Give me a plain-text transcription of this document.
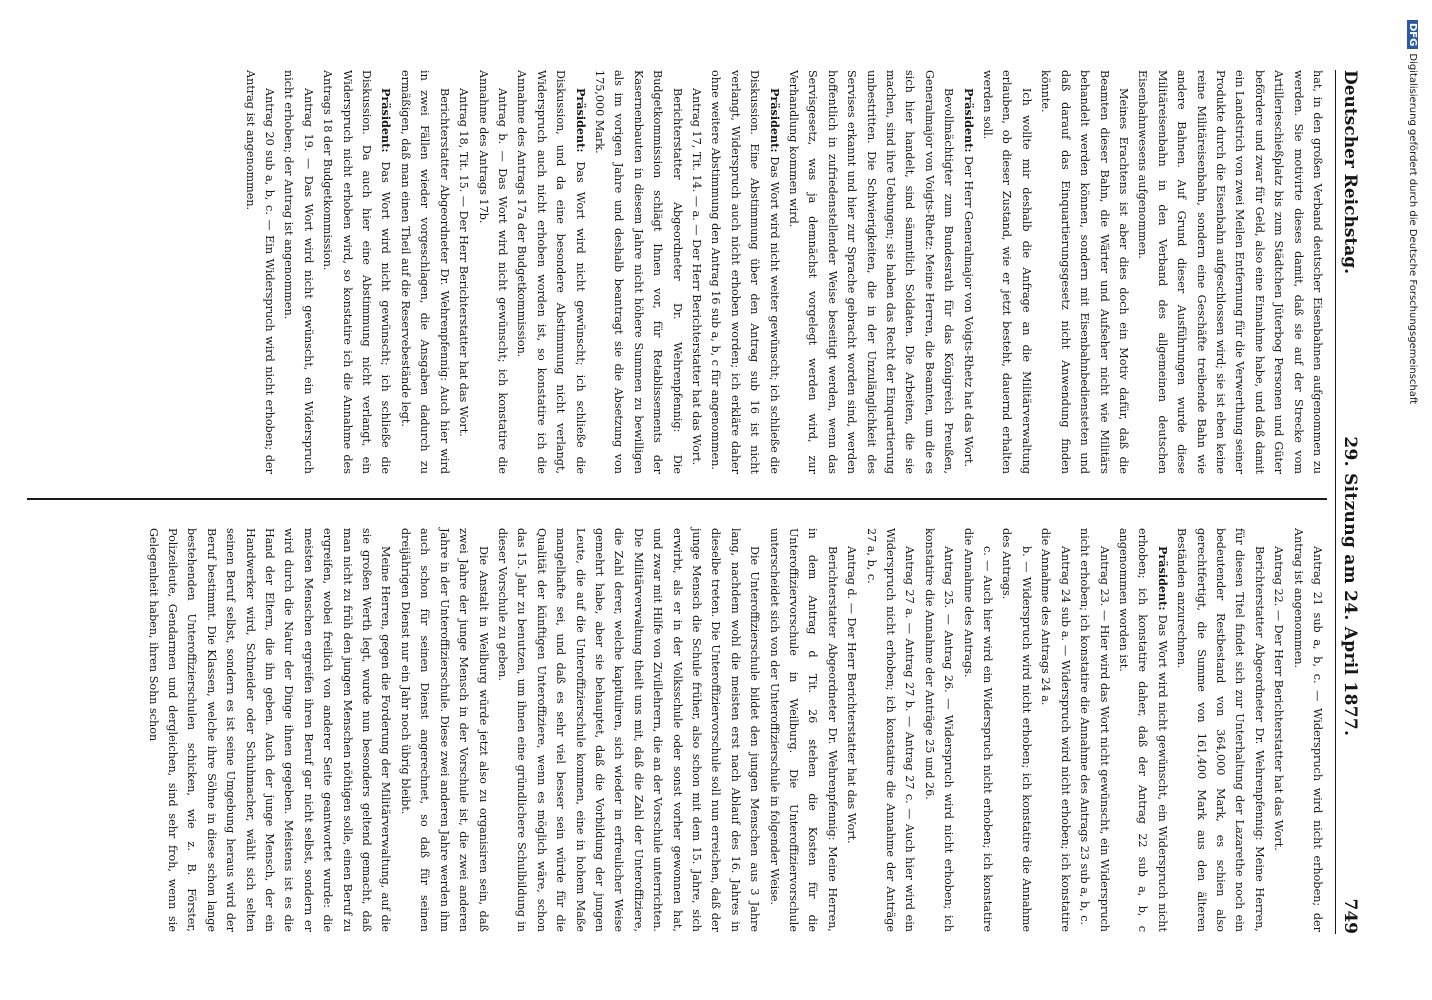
Deutscher Reichstag.
29. Sitzung am 24. April 1877.
749

hat, in den großen Verband deutscher Eisenbahnen aufgenommen zu werden. Sie motivirte dieses damit, daß sie auf der Strecke vom Artillerieschießplatz bis zum Städtchen Jüterbog Personen und Güter befördere und zwar für Geld, also eine Einnahme habe, und daß damit ein Landstrich von zwei Meilen Entfernung für die Verwerthung seiner Produkte durch die Eisenbahn aufgeschlossen wird; sie ist eben keine reine Militäreisenbahn, sondern eine Geschäfte treibende Bahn wie andere Bahnen. Auf Grund dieser Ausführungen wurde diese Militäreisenbahn in den Verband des allgemeinen deutschen Eisenbahnwesens aufgenommen.

Meines Erachtens ist aber dies doch ein Motiv dafür, daß die Beamten dieser Bahn, die Wärter und Aufseher nicht wie Militärs behandelt werden können, sondern mit Eisenbahnbediensteten und daß darauf das Einquartierungsgesetz nicht Anwendung finden könnte.

Ich wollte mir deshalb die Anfrage an die Militärverwaltung erlauben, ob dieser Zustand, wie er jetzt besteht, dauernd erhalten werden soll.

Präsident: Der Herr Generalmajor von Voigts-Rhetz hat das Wort.

Bevollmächtigter zum Bundesrath für das Königreich Preußen, Generalmajor von Voigts-Rhetz: Meine Herren, die Beamten, um die es sich hier handelt, sind sämmtlich Soldaten. Die Arbeiten, die sie machen, sind ihre Uebungen; sie haben das Recht der Einquartierung unbestritten. Die Schwierigkeiten, die in der Unzulänglichkeit des Servises erkannt und hier zur Sprache gebracht worden sind, werden hoffentlich in zufriedenstellender Weise beseitigt werden, wenn das Servisgesetz, was ja demnächst vorgelegt werden wird, zur Verhandlung kommen wird.

Präsident: Das Wort wird nicht weiter gewünscht; ich schließe die Diskussion. Eine Abstimmung über den Antrag sub 16 ist nicht verlangt, Widerspruch auch nicht erhoben worden; ich erkläre daher ohne weitere Abstimmung den Antrag 16 sub a, b, c für angenommen.

Antrag 17, Tit. 14. — a. — Der Herr Berichterstatter hat das Wort.

Berichterstatter Abgeordneter Dr. Wehrenpfennig: Die Budgetkommission schlägt Ihnen vor, für Retablissements der Kasernenbauten in diesem Jahre nicht höhere Summen zu bewilligen als im vorigen Jahre und deshalb beantragt sie die Absetzung von 175,000 Mark.

Präsident: Das Wort wird nicht gewünscht; ich schließe die Diskussion, und da eine besondere Abstimmung nicht verlangt, Widerspruch auch nicht erhoben worden ist, so konstatire ich die Annahme des Antrags 17a der Budgetkommission.

Antrag b. — Das Wort wird nicht gewünscht; ich konstatire die Annahme des Antrags 17b.

Antrag 18, Tit. 15. — Der Herr Berichterstatter hat das Wort.

Berichterstatter Abgeordneter Dr. Wehrenpfennig: Auch hier wird in zwei Fällen wieder vorgeschlagen, die Ansgaben dadurch zu ermäßigen, daß man einen Theil auf die Reservebestände legt.

Präsident: Das Wort wird nicht gewünscht; ich schließe die Diskussion. Da auch hier eine Abstimmung nicht verlangt, ein Widerspruch nicht erhoben wird, so konstatire ich die Annahme des Antrags 18 der Budgetkommission.

Antrag 19. — Das Wort wird nicht gewünscht, ein Widerspruch nicht erhoben; der Antrag ist angenommen.

Antrag 20 sub a, b, c. — Ein Widerspruch wird nicht erhoben; der Antrag ist angenommen.

Antrag 21 sub a, b, c. — Widerspruch wird nicht erhoben; der Antrag ist angenommen.

Antrag 22. — Der Herr Berichterstatter hat das Wort.

Berichterstatter Abgeordneter Dr. Wehrenpfennig: Meine Herren, für diesen Titel findet sich zur Unterhaltung der Lazarethe noch ein bedeutender Restbestand von 364,000 Mark, es schien also gerechtfertigt, die Summe von 161,400 Mark aus den älteren Beständen anzurechnen.

Präsident: Das Wort wird nicht gewünscht, ein Widerspruch nicht erhoben; ich konstatire daher, daß der Antrag 22 sub a, b, c angenommen worden ist.

Antrag 23. — Hier wird das Wort nicht gewünscht, ein Widerspruch nicht erhoben; ich konstatire die Annahme des Antrags 23 sub a, b, c.

Antrag 24 sub a. — Widerspruch wird nicht erhoben; ich konstatire die Annahme des Antrags 24 a.

b. — Widerspruch wird nicht erhoben; ich konstatire die Annahme des Antrags.

c. — Auch hier wird ein Widerspruch nicht erhoben; ich konstatire die Annahme des Antrags.

Antrag 25. — Antrag 26. — Widerspruch wird nicht erhoben; ich konstatire die Annahme der Anträge 25 und 26.

Antrag 27 a. — Antrag 27 b. — Antrag 27 c. — Auch hier wird ein Widerspruch nicht erhoben; ich konstatire die Annahme der Anträge 27 a, b, c.

Antrag d. — Der Herr Berichterstatter hat das Wort.

Berichterstatter Abgeordneter Dr. Wehrenpfennig: Meine Herren, in dem Antrag d Tit. 26 stehen die Kosten für die Unteroffiziervorschule in Weilburg. Die Unteroffiziervorschule unterscheidet sich von der Unteroffizierschule in folgender Weise.

Die Unteroffizierschule bildet den jungen Menschen aus 3 Jahre lang, nachdem wohl die meisten erst nach Ablauf des 16. Jahres in dieselbe treten. Die Unteroffiziervorschule soll nun erreichen, daß der junge Mensch die Schule früher, also schon mit dem 15. Jahre, sich erwirbt, als er in der Volksschule oder sonst vorher gewonnen hat, und zwar mit Hilfe von Zivillehrern, die an der Vorschule unterrichten. Die Militärverwaltung theilt uns mit, daß die Zahl der Unteroffiziere, die Zahl derer, welche kapituliren, sich wieder in erfreulicher Weise gemehrt habe, aber sie behauptet, daß die Vorbildung der jungen Leute, die auf die Unteroffizierschule kommen, eine in hohem Maße mangelhafte sei, und daß es sehr viel besser sein würde für die Qualität der künftigen Unteroffiziere, wenn es möglich wäre, schon das 15. Jahr zu benutzen, um ihnen eine gründlichere Schulbildung in dieser Vorschule zu geben.

Die Anstalt in Weilburg würde jetzt also zu organisiren sein, daß zwei Jahre der junge Mensch in der Vorschule ist, die zwei anderen Jahre in der Unteroffizierschule. Diese zwei anderen Jahre werden ihm auch schon für seinen Dienst angerechnet, so daß für seinen dreijährigen Dienst nur ein Jahr noch übrig bleibt.

Meine Herren, gegen die Forderung der Militärverwaltung, auf die sie großen Werth legt, wurde nun besonders geltend gemacht, daß man nicht zu früh den jungen Menschen nöthigen solle, einen Beruf zu ergreifen, wobei freilich von anderer Seite geantwortet wurde: die meisten Menschen ergreifen ihren Beruf gar nicht selbst, sondern er wird durch die Natur der Dinge ihnen gegeben. Meistens ist es die Hand der Eltern, die ihn geben. Auch der junge Mensch, der ein Handwerker wird, Schneider oder Schuhmacher, wählt sich selten seinen Beruf selbst, sondern es ist seine Umgebung heraus wird der Beruf bestimmt. Die Klassen, welche ihre Söhne in diese schon lange bestehenden Unteroffizierschulen schicken, wie z. B. Förster, Polizeileute, Gendarmen und dergleichen, sind sehr froh, wenn sie Gelegenheit haben, ihren Sohn schon

DFGDigitalisierung gefördert durch die Deutsche Forschungsgemeinschaft
